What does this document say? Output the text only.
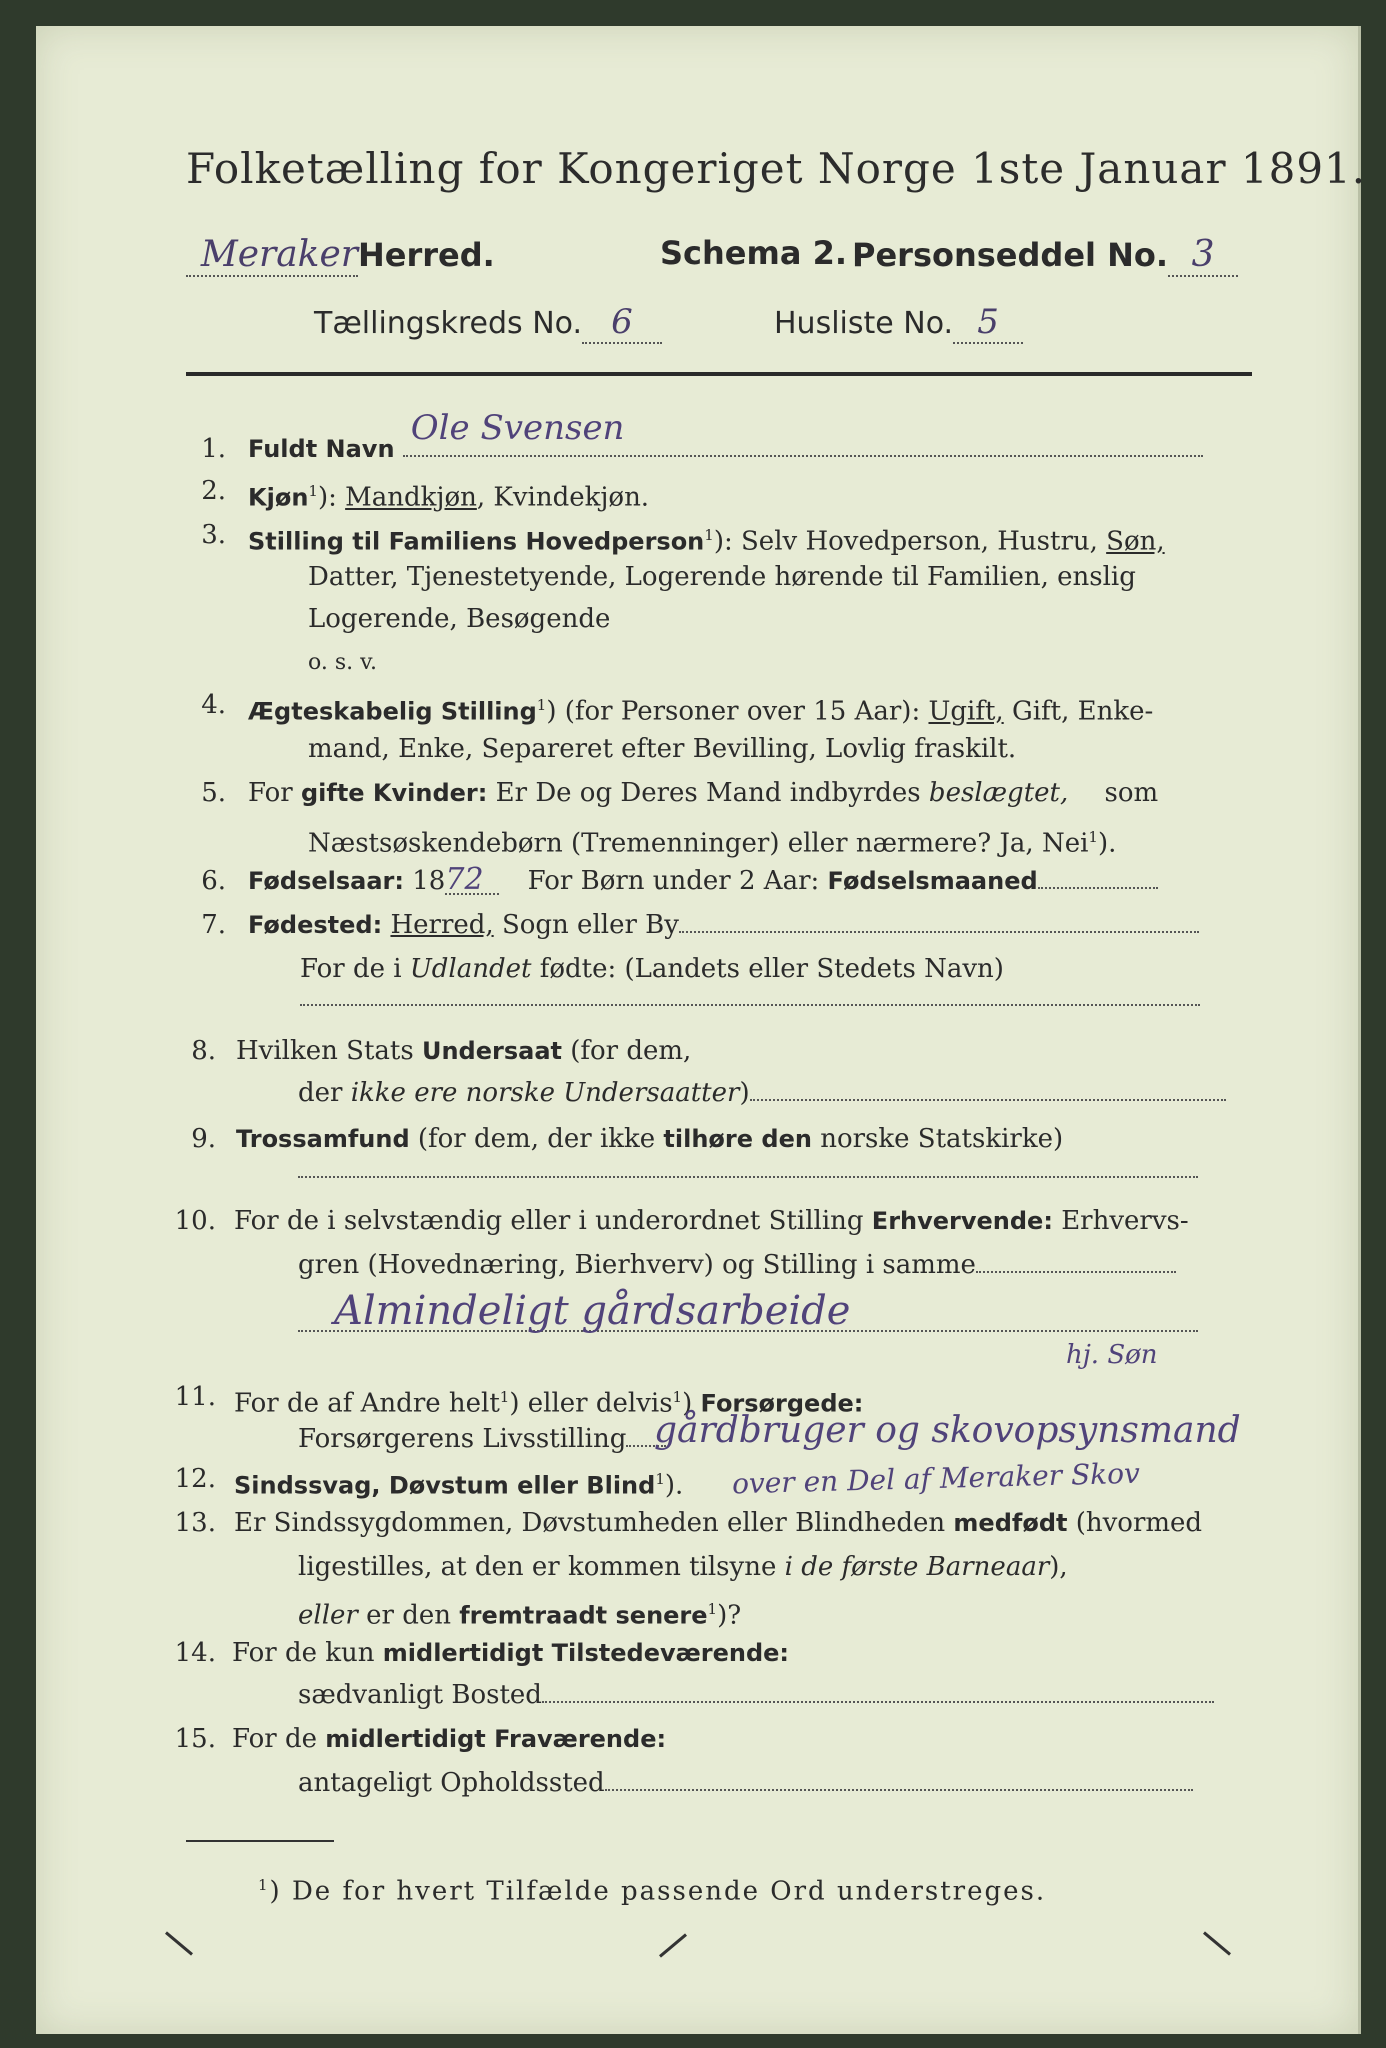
Folketælling for Kongeriget Norge 1ste Januar 1891.
MerakerHerred.	Schema 2. Personseddel No. 3
Tællingskreds No. 6	Husliste No. 5
1. Fuldt Navn
Ole Svensen
2. Kjøn$^1$): Mandkjøn, Kvindekjøn.
3. Stilling til Familiens Hovedperson$^1$): Selv Hovedperson, Hustru, Søn,
Datter, Tjenestetyende, Logerende hørende til Familien, enslig
Logerende, Besøgende
o. s. v.
4. Ægteskabelig Stilling$^1$) (for Personer over 15 Aar): Ugift, Gift, Enke-
mand, Enke, Separeret efter Bevilling, Lovlig fraskilt.
5. For gifte Kvinder: Er De og Deres Mand indbyrdes beslægtet, som
Næstsøskendebørn (Tremenninger) eller nærmere? Ja, Nei$^1$).
6. Fødselsaar: 1872 For Børn under 2 Aar: Fødselsmaaned
7. Fødested: Herred, Sogn eller By
For de i Udlandet fødte: (Landets eller Stedets Navn)
8. Hvilken Stats Undersaat (for dem,
der ikke ere norske Undersaatter)
9. Trossamfund (for dem, der ikke tilhøre den norske Statskirke)
10. For de i selvstændig eller i underordnet Stilling Erhvervende: Erhvervs-
gren (Hovednæring, Bierhverv) og Stilling i samme
Almindeligt gårdsarbeide
hj. Søn
11. For de af Andre helt$^1$) eller delvis$^1$) Forsørgede:
Forsørgerens Livsstilling gårdbruger og skovopsynsmand
12. Sindssvag, Døvstum eller Blind$^1$). over en Del af Meraker Skov
13. Er Sindssygdommen, Døvstumheden eller Blindheden medfødt (hvormed
ligestilles, at den er kommen tilsyne i de første Barneaar),
eller er den fremtraadt senere$^1$)?
14. For de kun midlertidigt Tilstedeværende:
sædvanligt Bosted
15. For de midlertidigt Fraværende:
antageligt Opholdssted
$^1$) De for hvert Tilfælde passende Ord understreges.
